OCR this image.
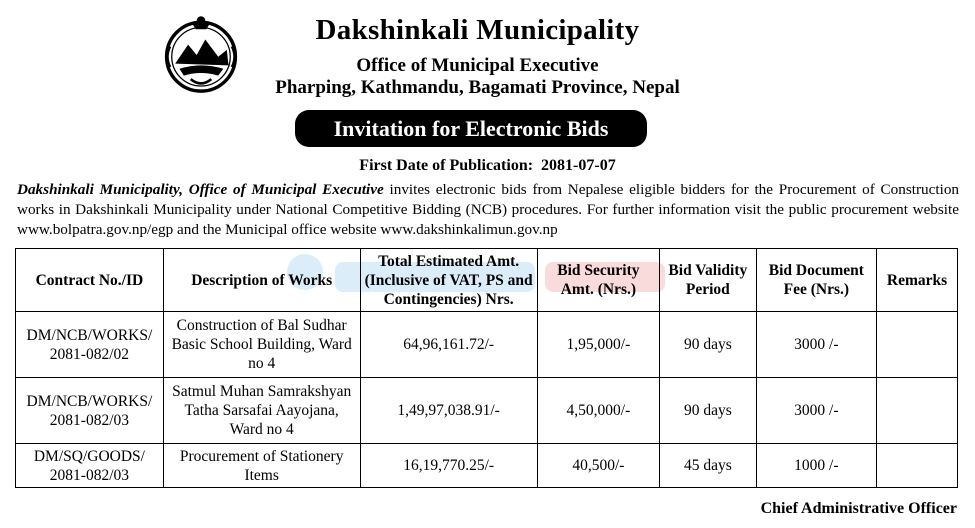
Dakshinkali Municipality
Office of Municipal Executive
Pharping, Kathmandu, Bagamati Province, Nepal
Invitation for Electronic Bids
First Date of Publication: 2081-07-07
Dakshinkali Municipality, Office of Municipal Executive invites electronic bids from Nepalese eligible bidders for the Procurement of Construction works in Dakshinkali Municipality under National Competitive Bidding (NCB) procedures. For further information visit the public procurement website www.bolpatra.gov.np/egp and the Municipal office website www.dakshinkalimun.gov.np
Contract No./ID	Description of Works	Total Estimated Amt. (Inclusive of VAT, PS and Contingencies) Nrs.	Bid Security Amt. (Nrs.)	Bid Validity Period	Bid Document Fee (Nrs.)	Remarks
DM/NCB/WORKS/ 2081-082/02	Construction of Bal Sudhar Basic School Building, Ward no 4	64,96,161.72/-	1,95,000/-	90 days	3000 /-	
DM/NCB/WORKS/ 2081-082/03	Satmul Muhan Samrakshyan Tatha Sarsafai Aayojana, Ward no 4	1,49,97,038.91/-	4,50,000/-	90 days	3000 /-	
DM/SQ/GOODS/ 2081-082/03	Procurement of Stationery Items	16,19,770.25/-	40,500/-	45 days	1000 /-	
Chief Administrative Officer
